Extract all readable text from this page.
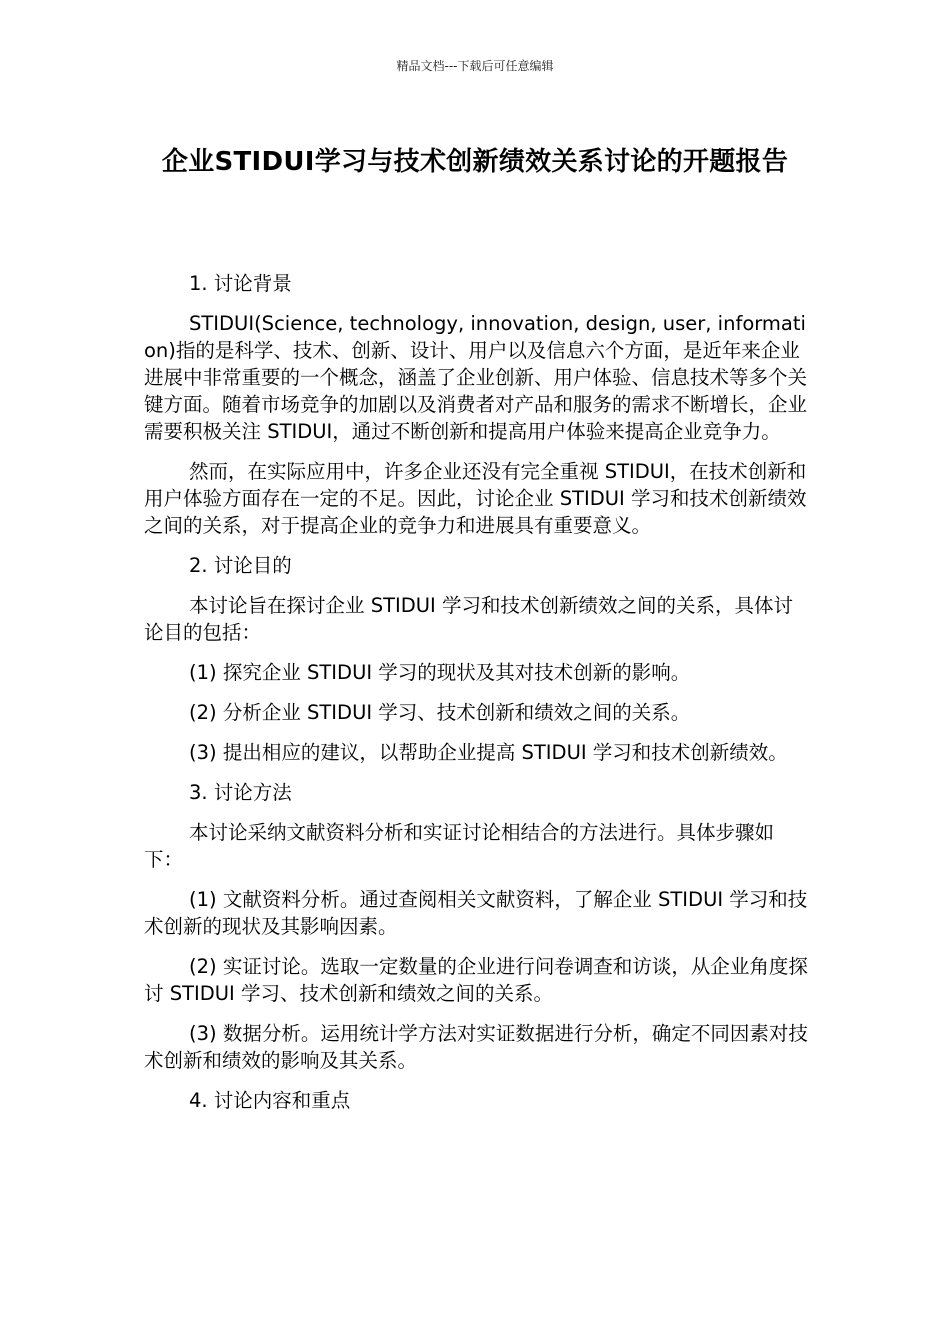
精品文档---下载后可任意编辑
企业STIDUI学习与技术创新绩效关系讨论的开题报告

1. 讨论背景

STIDUI(Science, technology, innovation, design, user, information)指的是科学、技术、创新、设计、用户以及信息六个方面，是近年来企业进展中非常重要的一个概念，涵盖了企业创新、用户体验、信息技术等多个关键方面。随着市场竞争的加剧以及消费者对产品和服务的需求不断增长，企业需要积极关注 STIDUI，通过不断创新和提高用户体验来提高企业竞争力。

然而，在实际应用中，许多企业还没有完全重视 STIDUI，在技术创新和用户体验方面存在一定的不足。因此，讨论企业 STIDUI 学习和技术创新绩效之间的关系，对于提高企业的竞争力和进展具有重要意义。

2. 讨论目的

本讨论旨在探讨企业 STIDUI 学习和技术创新绩效之间的关系，具体讨论目的包括：

(1) 探究企业 STIDUI 学习的现状及其对技术创新的影响。

(2) 分析企业 STIDUI 学习、技术创新和绩效之间的关系。

(3) 提出相应的建议，以帮助企业提高 STIDUI 学习和技术创新绩效。

3. 讨论方法

本讨论采纳文献资料分析和实证讨论相结合的方法进行。具体步骤如下：

(1) 文献资料分析。通过查阅相关文献资料，了解企业 STIDUI 学习和技术创新的现状及其影响因素。

(2) 实证讨论。选取一定数量的企业进行问卷调查和访谈，从企业角度探讨 STIDUI 学习、技术创新和绩效之间的关系。

(3) 数据分析。运用统计学方法对实证数据进行分析，确定不同因素对技术创新和绩效的影响及其关系。

4. 讨论内容和重点
